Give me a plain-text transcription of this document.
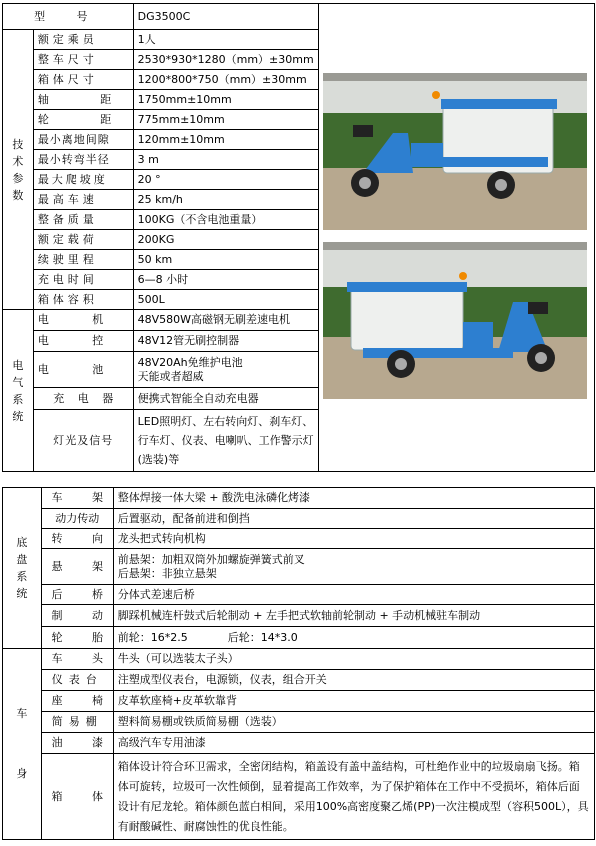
型 号		DG3500C	

技术参数	额定乘员	1人	
	整车尺寸	2530*930*1280（mm）±30mm	
	箱体尺寸	1200*800*750（mm）±30mm	
	轴 距	1750mm±10mm	
	轮 距	775mm±10mm	
	最小离地间隙	120mm±10mm	
	最小转弯半径	3 m	
	最大爬坡度	20 °	
	最高车速	25 km/h	
	整备质量	100KG（不含电池重量）	
	额定载荷	200KG	
	续驶里程	50 km	
	充电时间	6—8 小时	
	箱体容积	500L	
电气系统	电 机	48V580W高磁钢无刷差速电机	
	电 控	48V12管无刷控制器	
	电 池	48V20Ah免维护电池
天能或者超威	
	充 电 器	便携式智能全自动充电器	
	灯光及信号	LED照明灯、左右转向灯、刹车灯、行车灯、仪表、电喇叭、工作警示灯(选装)等	
底盘系统	车 架	整体焊接一体大梁 + 酸洗电泳磷化烤漆
	动力传动	后置驱动，配备前进和倒挡
	转 向	龙头把式转向机构
	悬 架	前悬架：加粗双筒外加螺旋弹簧式前叉
后悬架：非独立悬架
	后 桥	分体式差速后桥
	制 动	脚踩机械连杆鼓式后轮制动 + 左手把式软轴前轮制动 + 手动机械驻车制动
	轮 胎	前轮：16*2.5 后轮：14*3.0
车身	车 头	牛头（可以选装太子头）
	仪表台	注塑成型仪表台，电源锁，仪表，组合开关
	座 椅	皮革软座椅+皮革软靠背
	简易棚	塑料简易棚或铁质简易棚（选装）
	油 漆	高级汽车专用油漆
	箱 体	箱体设计符合环卫需求，全密闭结构，箱盖设有盖中盖结构，可杜绝作业中的垃圾扇扇飞扬。箱体可旋转，垃圾可一次性倾倒，显着提高工作效率，为了保护箱体在工作中不受损坏，箱体后面设计有尼龙轮。箱体颜色蓝白相间，采用100%高密度聚乙烯(PP)一次注模成型（容积500L），具有耐酸碱性、耐腐蚀性的优良性能。
